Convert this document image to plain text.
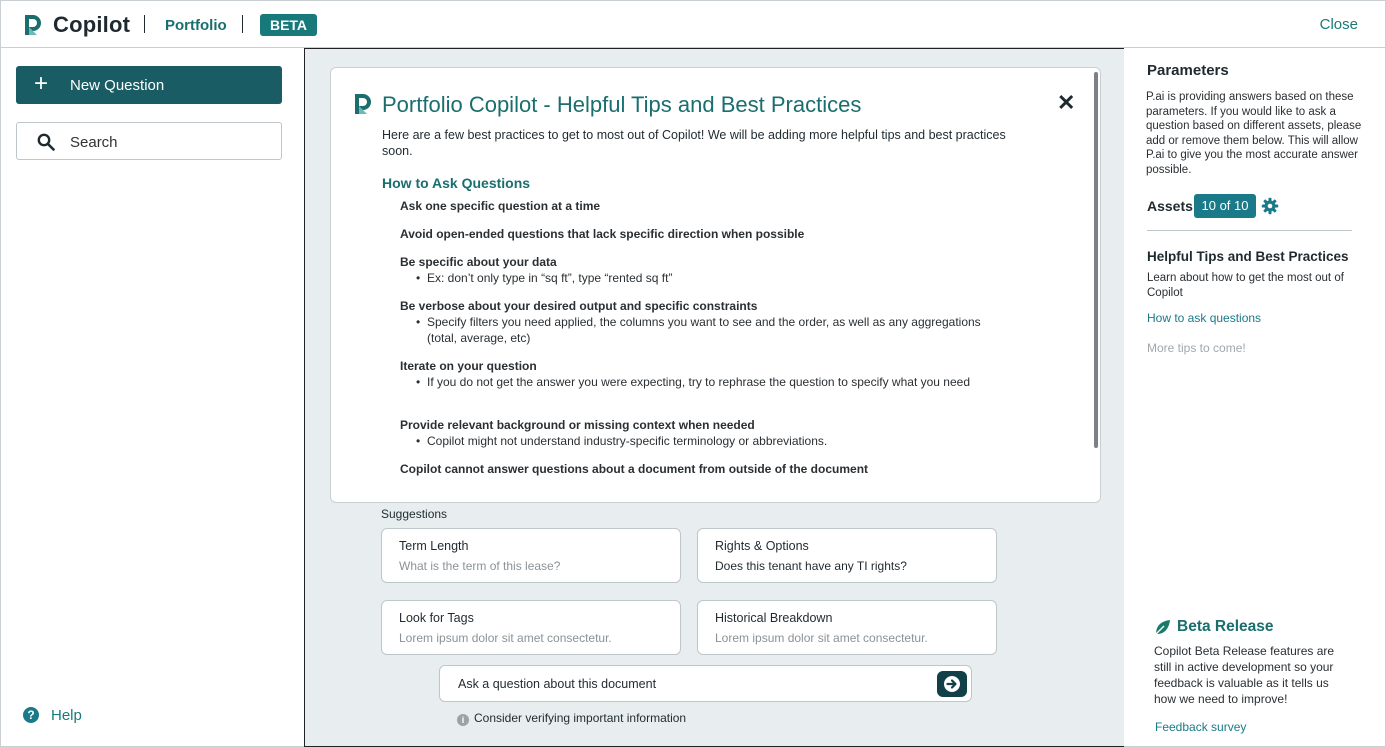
Copilot Portfolio	BETA	Close
+ New Question
Search
? Help
Portfolio Copilot - Helpful Tips and Best Practices	✕
Here are a few best practices to get to most out of Copilot! We will be adding more helpful tips and best practices soon.
How to Ask Questions
Ask one specific question at a time
Avoid open-ended questions that lack specific direction when possible
Be specific about your data
• Ex: don’t only type in “sq ft”, type “rented sq ft”
Be verbose about your desired output and specific constraints
• Specify filters you need applied, the columns you want to see and the order, as well as any aggregations (total, average, etc)
Iterate on your question
• If you do not get the answer you were expecting, try to rephrase the question to specify what you need
Provide relevant background or missing context when needed
• Copilot might not understand industry-specific terminology or abbreviations.
Copilot cannot answer questions about a document from outside of the document
Suggestions
Term Length
What is the term of this lease?
Rights & Options
Does this tenant have any TI rights?
Look for Tags
Lorem ipsum dolor sit amet consectetur.
Historical Breakdown
Lorem ipsum dolor sit amet consectetur.
Ask a question about this document
i Consider verifying important information
Parameters
P.ai is providing answers based on these parameters. If you would like to ask a question based on different assets, please add or remove them below. This will allow P.ai to give you the most accurate answer possible.
Assets 10 of 10
Helpful Tips and Best Practices
Learn about how to get the most out of Copilot
How to ask questions
More tips to come!
Beta Release
Copilot Beta Release features are still in active development so your feedback is valuable as it tells us how we need to improve!
Feedback survey
